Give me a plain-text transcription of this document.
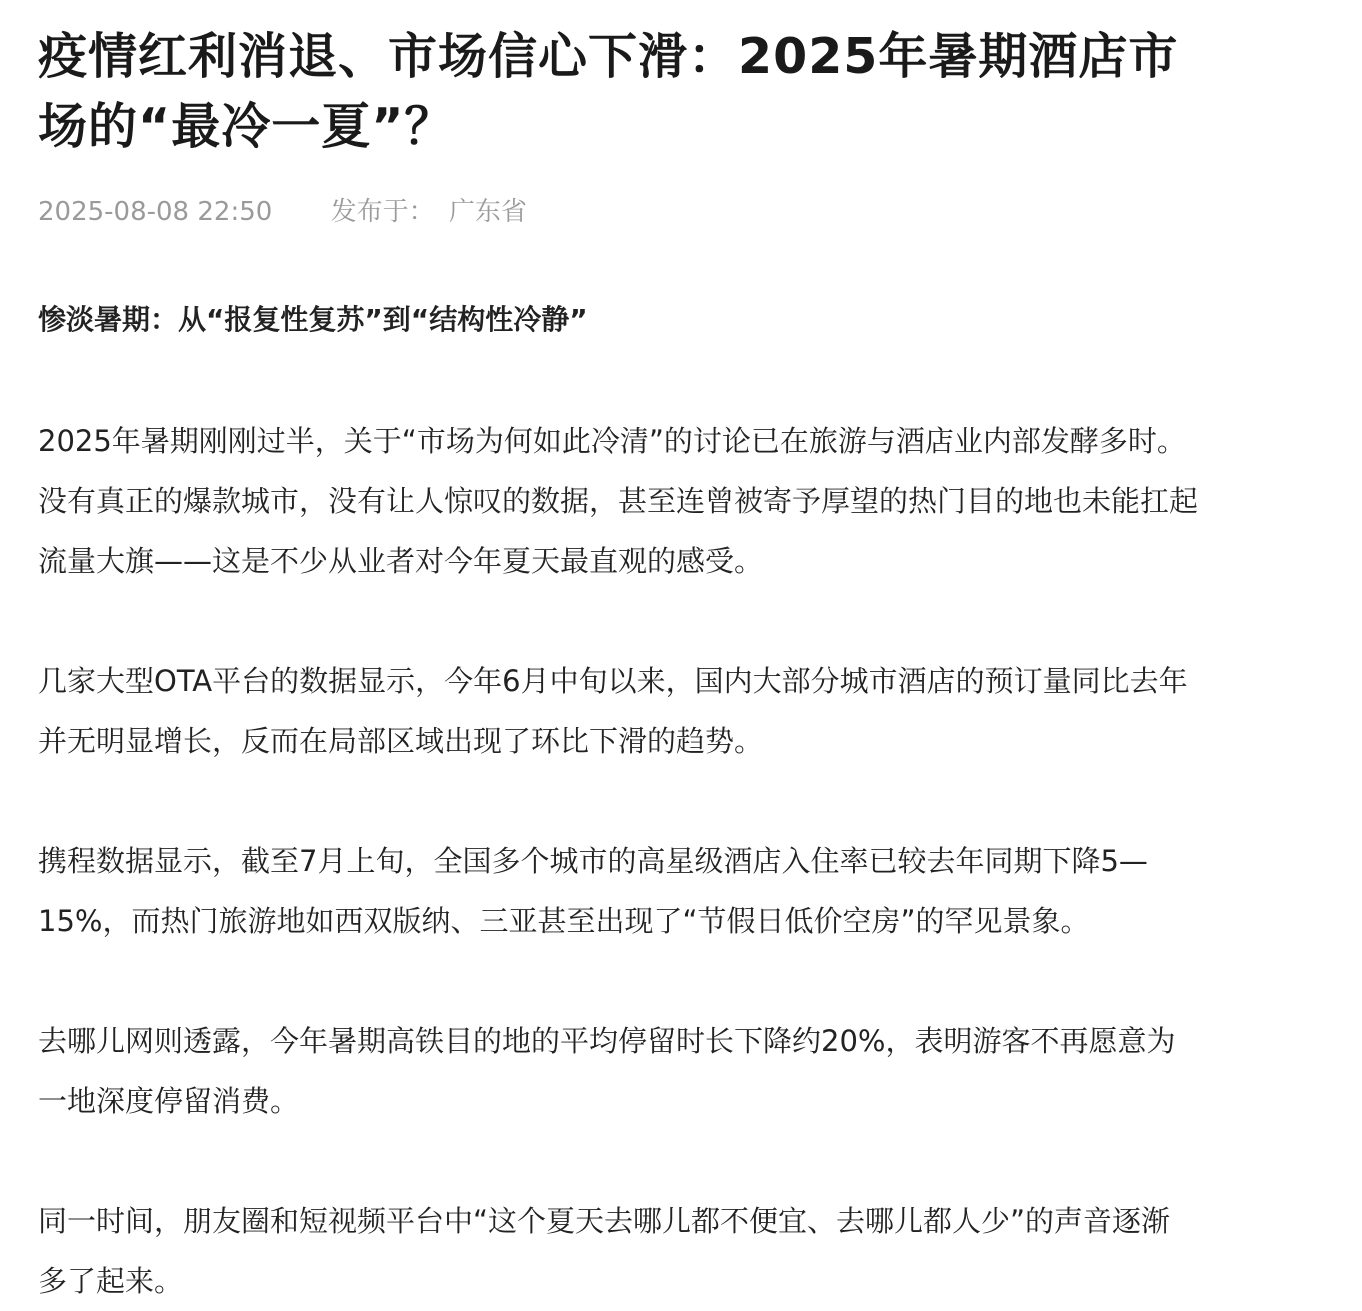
疫情红利消退、市场信心下滑：2025年暑期酒店市
场的“最冷一夏”？
2025-08-08 22:50 发布于： 广东省
惨淡暑期：从“报复性复苏”到“结构性冷静”
2025年暑期刚刚过半，关于“市场为何如此冷清”的讨论已在旅游与酒店业内部发酵多时。
没有真正的爆款城市，没有让人惊叹的数据，甚至连曾被寄予厚望的热门目的地也未能扛起
流量大旗——这是不少从业者对今年夏天最直观的感受。
几家大型OTA平台的数据显示，今年6月中旬以来，国内大部分城市酒店的预订量同比去年
并无明显增长，反而在局部区域出现了环比下滑的趋势。
携程数据显示，截至7月上旬，全国多个城市的高星级酒店入住率已较去年同期下降5—
15%，而热门旅游地如西双版纳、三亚甚至出现了“节假日低价空房”的罕见景象。
去哪儿网则透露，今年暑期高铁目的地的平均停留时长下降约20%，表明游客不再愿意为
一地深度停留消费。
同一时间，朋友圈和短视频平台中“这个夏天去哪儿都不便宜、去哪儿都人少”的声音逐渐
多了起来。
